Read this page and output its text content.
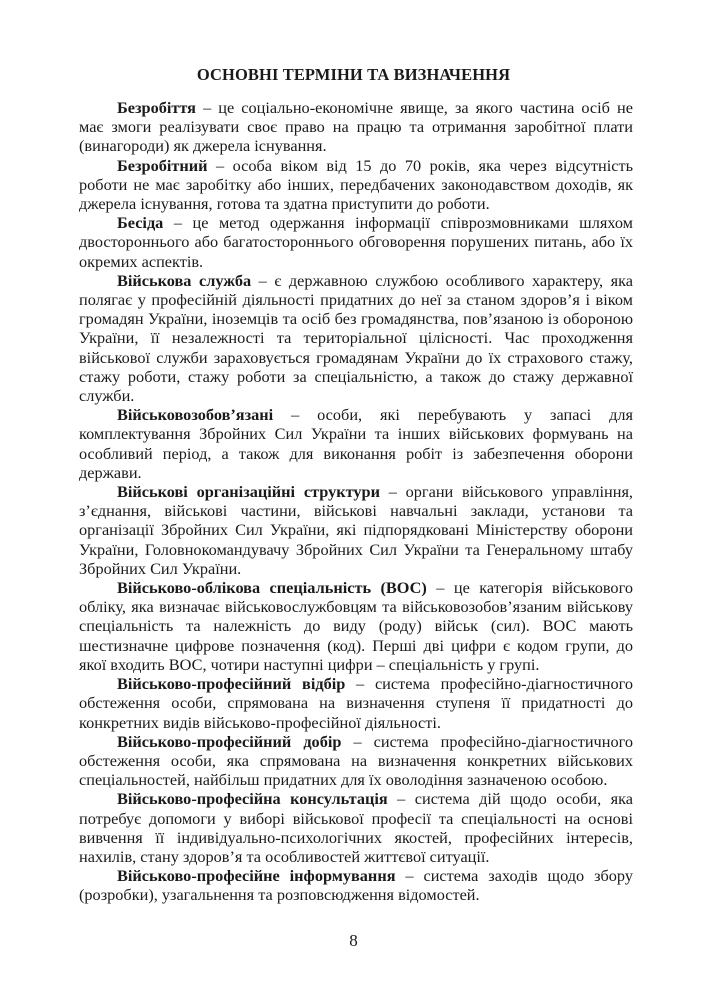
ОСНОВНІ ТЕРМІНИ ТА ВИЗНАЧЕННЯ

Безробіття – це соціально-економічне явище, за якого частина осіб не має змоги реалізувати своє право на працю та отримання заробітної плати (винагороди) як джерела існування.

Безробітний – особа віком від 15 до 70 років, яка через відсутність роботи не має заробітку або інших, передбачених законодавством доходів, як джерела існування, готова та здатна приступити до роботи.

Бесіда – це метод одержання інформації співрозмовниками шляхом двостороннього або багатостороннього обговорення порушених питань, або їх окремих аспектів.

Військова служба – є державною службою особливого характеру, яка полягає у професійній діяльності придатних до неї за станом здоров’я і віком громадян України, іноземців та осіб без громадянства, пов’язаною із обороною України, її незалежності та територіальної цілісності. Час проходження військової служби зараховується громадянам України до їх страхового стажу, стажу роботи, стажу роботи за спеціальністю, а також до стажу державної служби.

Військовозобов’язані – особи, які перебувають у запасі для комплектування Збройних Сил України та інших військових формувань на особливий період, а також для виконання робіт із забезпечення оборони держави.

Військові організаційні структури – органи військового управління, з’єднання, військові частини, військові навчальні заклади, установи та організації Збройних Сил України, які підпорядковані Міністерству оборони України, Головнокомандувачу Збройних Сил України та Генеральному штабу Збройних Сил України.

Військово-облікова спеціальність (ВОС) – це категорія військового обліку, яка визначає військовослужбовцям та військовозобов’язаним військову спеціальність та належність до виду (роду) військ (сил). ВОС мають шестизначне цифрове позначення (код). Перші дві цифри є кодом групи, до якої входить ВОС, чотири наступні цифри – спеціальність у групі.

Військово-професійний відбір – система професійно-діагностичного обстеження особи, спрямована на визначення ступеня її придатності до конкретних видів військово-професійної діяльності.

Військово-професійний добір – система професійно-діагностичного обстеження особи, яка спрямована на визначення конкретних військових спеціальностей, найбільш придатних для їх оволодіння зазначеною особою.

Військово-професійна консультація – система дій щодо особи, яка потребує допомоги у виборі військової професії та спеціальності на основі вивчення її індивідуально-психологічних якостей, професійних інтересів, нахилів, стану здоров’я та особливостей життєвої ситуації.

Військово-професійне інформування – система заходів щодо збору (розробки), узагальнення та розповсюдження відомостей.

8
